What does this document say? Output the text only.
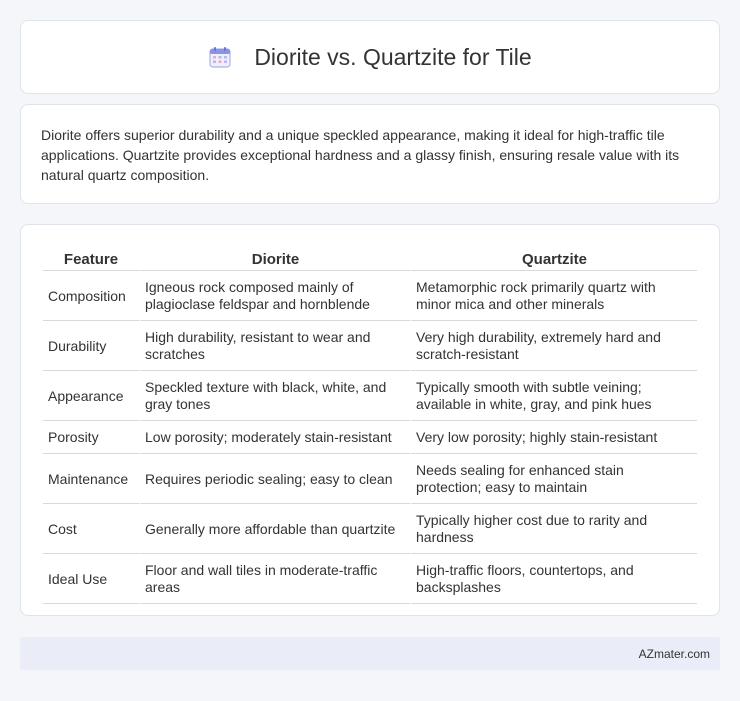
Diorite vs. Quartzite for Tile

Diorite offers superior durability and a unique speckled appearance, making it ideal for high-traffic tile applications. Quartzite provides exceptional hardness and a glassy finish, ensuring resale value with its natural quartz composition.

Feature	Diorite	Quartzite
Composition	Igneous rock composed mainly of plagioclase feldspar and hornblende	Metamorphic rock primarily quartz with minor mica and other minerals
Durability	High durability, resistant to wear and scratches	Very high durability, extremely hard and scratch-resistant
Appearance	Speckled texture with black, white, and gray tones	Typically smooth with subtle veining; available in white, gray, and pink hues
Porosity	Low porosity; moderately stain-resistant	Very low porosity; highly stain-resistant
Maintenance	Requires periodic sealing; easy to clean	Needs sealing for enhanced stain protection; easy to maintain
Cost	Generally more affordable than quartzite	Typically higher cost due to rarity and hardness
Ideal Use	Floor and wall tiles in moderate-traffic areas	High-traffic floors, countertops, and backsplashes
AZmater.com
